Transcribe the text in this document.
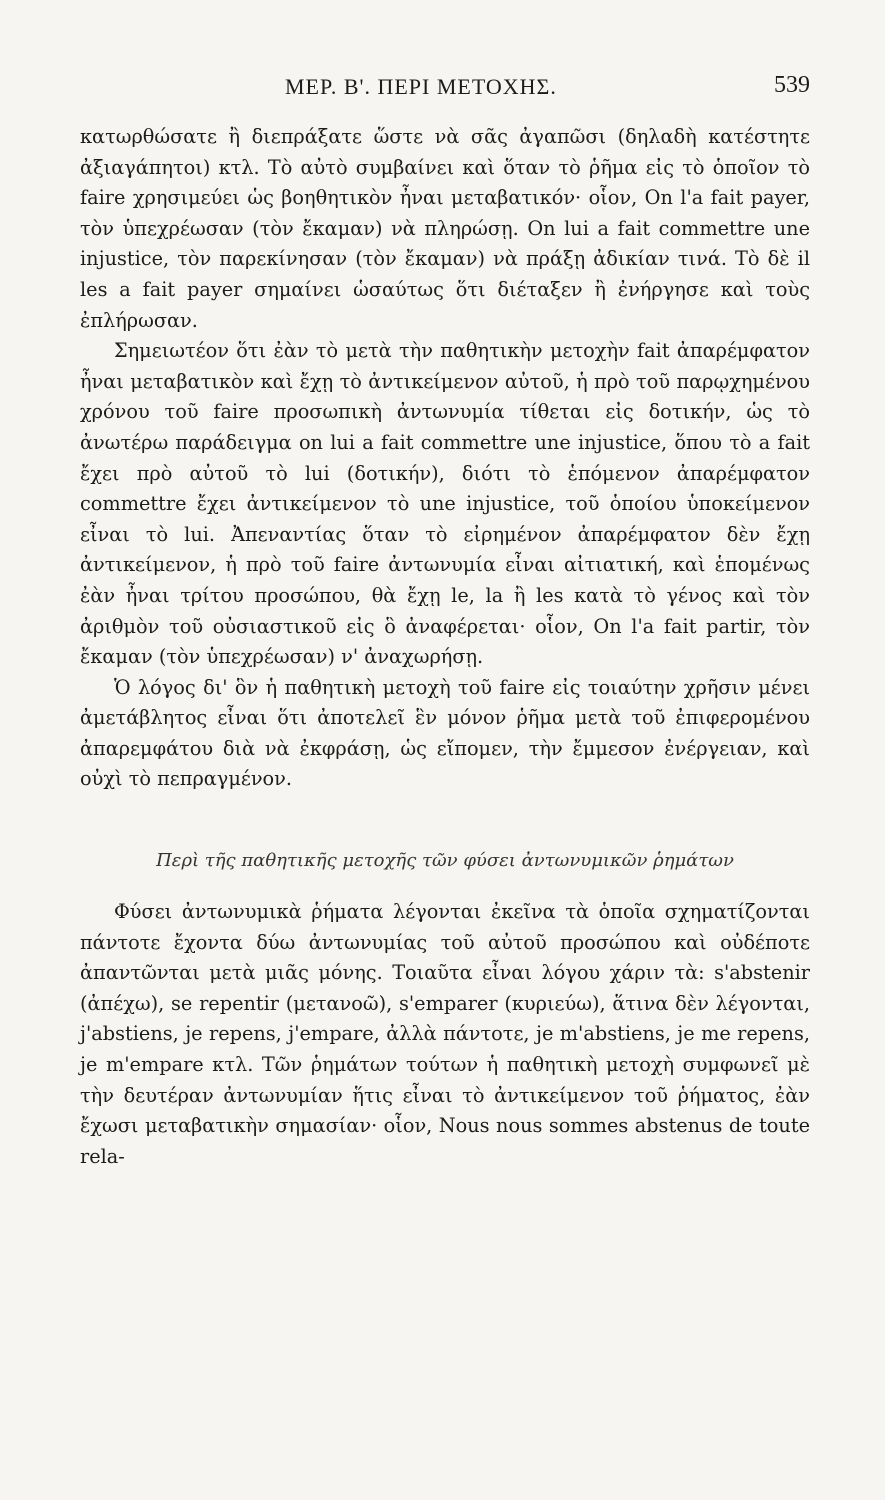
ΜΕΡ. Β'. ΠΕΡΙ ΜΕΤΟΧΗΣ.	539

κατωρθώσατε ἢ διεπράξατε ὥστε νὰ σᾶς ἀγαπῶσι (δηλαδὴ κατέστητε ἀξιαγάπητοι) κτλ. Τὸ αὐτὸ συμβαίνει καὶ ὅταν τὸ ῥῆμα εἰς τὸ ὁποῖον τὸ faire χρησιμεύει ὡς βοηθητικὸν ἦναι μεταβατικόν· οἷον, On l'a fait payer, τὸν ὑπεχρέωσαν (τὸν ἔκαμαν) νὰ πληρώσῃ. On lui a fait commettre une injustice, τὸν παρεκίνησαν (τὸν ἔκαμαν) νὰ πράξῃ ἀδικίαν τινά. Τὸ δὲ il les a fait payer σημαίνει ὡσαύτως ὅτι διέταξεν ἢ ἐνήργησε καὶ τοὺς ἐπλήρωσαν.

Σημειωτέον ὅτι ἐὰν τὸ μετὰ τὴν παθητικὴν μετοχὴν fait ἀπαρέμφατον ἦναι μεταβατικὸν καὶ ἔχῃ τὸ ἀντικείμενον αὐτοῦ, ἡ πρὸ τοῦ παρῳχημένου χρόνου τοῦ faire προσωπικὴ ἀντωνυμία τίθεται εἰς δοτικήν, ὡς τὸ ἀνωτέρω παράδειγμα on lui a fait commettre une injustice, ὅπου τὸ a fait ἔχει πρὸ αὐτοῦ τὸ lui (δοτικήν), διότι τὸ ἑπόμενον ἀπαρέμφατον commettre ἔχει ἀντικείμενον τὸ une injustice, τοῦ ὁποίου ὑποκείμενον εἶναι τὸ lui. Ἀπεναντίας ὅταν τὸ εἰρημένον ἀπαρέμφατον δὲν ἔχῃ ἀντικείμενον, ἡ πρὸ τοῦ faire ἀντωνυμία εἶναι αἰτιατική, καὶ ἑπομένως ἐὰν ἦναι τρίτου προσώπου, θὰ ἔχῃ le, la ἢ les κατὰ τὸ γένος καὶ τὸν ἀριθμὸν τοῦ οὐσιαστικοῦ εἰς ὃ ἀναφέρεται· οἷον, On l'a fait partir, τὸν ἔκαμαν (τὸν ὑπεχρέωσαν) ν' ἀναχωρήσῃ.

Ὁ λόγος δι' ὃν ἡ παθητικὴ μετοχὴ τοῦ faire εἰς τοιαύτην χρῆσιν μένει ἀμετάβλητος εἶναι ὅτι ἀποτελεῖ ἓν μόνον ῥῆμα μετὰ τοῦ ἐπιφερομένου ἀπαρεμφάτου διὰ νὰ ἐκφράσῃ, ὡς εἴπομεν, τὴν ἔμμεσον ἐνέργειαν, καὶ οὐχὶ τὸ πεπραγμένον.

Περὶ τῆς παθητικῆς μετοχῆς τῶν φύσει ἀντωνυμικῶν ῥημάτων

Φύσει ἀντωνυμικὰ ῥήματα λέγονται ἐκεῖνα τὰ ὁποῖα σχηματίζονται πάντοτε ἔχοντα δύω ἀντωνυμίας τοῦ αὐτοῦ προσώπου καὶ οὐδέποτε ἀπαντῶνται μετὰ μιᾶς μόνης. Τοιαῦτα εἶναι λόγου χάριν τὰ: s'abstenir (ἀπέχω), se repentir (μετανοῶ), s'emparer (κυριεύω), ἅτινα δὲν λέγονται, j'abstiens, je repens, j'empare, ἀλλὰ πάντοτε, je m'abstiens, je me repens, je m'empare κτλ. Τῶν ῥημάτων τούτων ἡ παθητικὴ μετοχὴ συμφωνεῖ μὲ τὴν δευτέραν ἀντωνυμίαν ἥτις εἶναι τὸ ἀντικείμενον τοῦ ῥήματος, ἐὰν ἔχωσι μεταβατικὴν σημασίαν· οἷον, Nous nous sommes abstenus de toute rela-
